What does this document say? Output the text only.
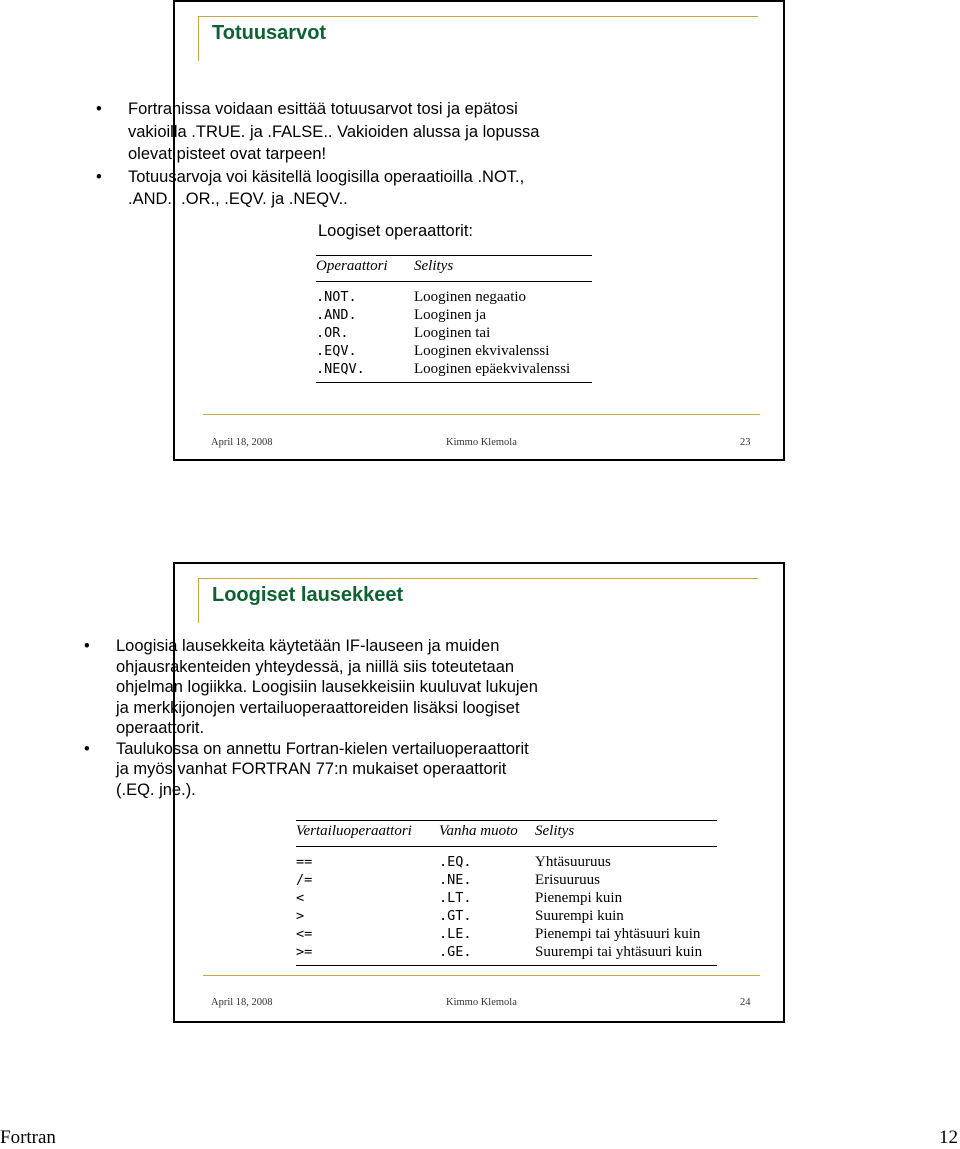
Totuusarvot
• Fortranissa voidaan esittää totuusarvot tosi ja epätosi vakioilla .TRUE. ja .FALSE.. Vakioiden alussa ja lopussa olevat pisteet ovat tarpeen!
• Totuusarvoja voi käsitellä loogisilla operaatioilla .NOT., .AND., .OR., .EQV. ja .NEQV..
Loogiset operaattorit:
Operaattori	Selitys
.NOT.	Looginen negaatio
.AND.	Looginen ja
.OR.	Looginen tai
.EQV.	Looginen ekvivalenssi
.NEQV.	Looginen epäekvivalenssi
April 18, 2008	Kimmo Klemola	23
Loogiset lausekkeet
• Loogisia lausekkeita käytetään IF-lauseen ja muiden ohjausrakenteiden yhteydessä, ja niillä siis toteutetaan ohjelman logiikka. Loogisiin lausekkeisiin kuuluvat lukujen ja merkkijonojen vertailuoperaattoreiden lisäksi loogiset operaattorit.
• Taulukossa on annettu Fortran-kielen vertailuoperaattorit ja myös vanhat FORTRAN 77:n mukaiset operaattorit (.EQ. jne.).
Vertailuoperaattori	Vanha muoto	Selitys
==	.EQ.	Yhtäsuuruus
/=	.NE.	Erisuuruus
<	.LT.	Pienempi kuin
>	.GT.	Suurempi kuin
<=	.LE.	Pienempi tai yhtäsuuri kuin
>=	.GE.	Suurempi tai yhtäsuuri kuin
April 18, 2008	Kimmo Klemola	24
Fortran	12
